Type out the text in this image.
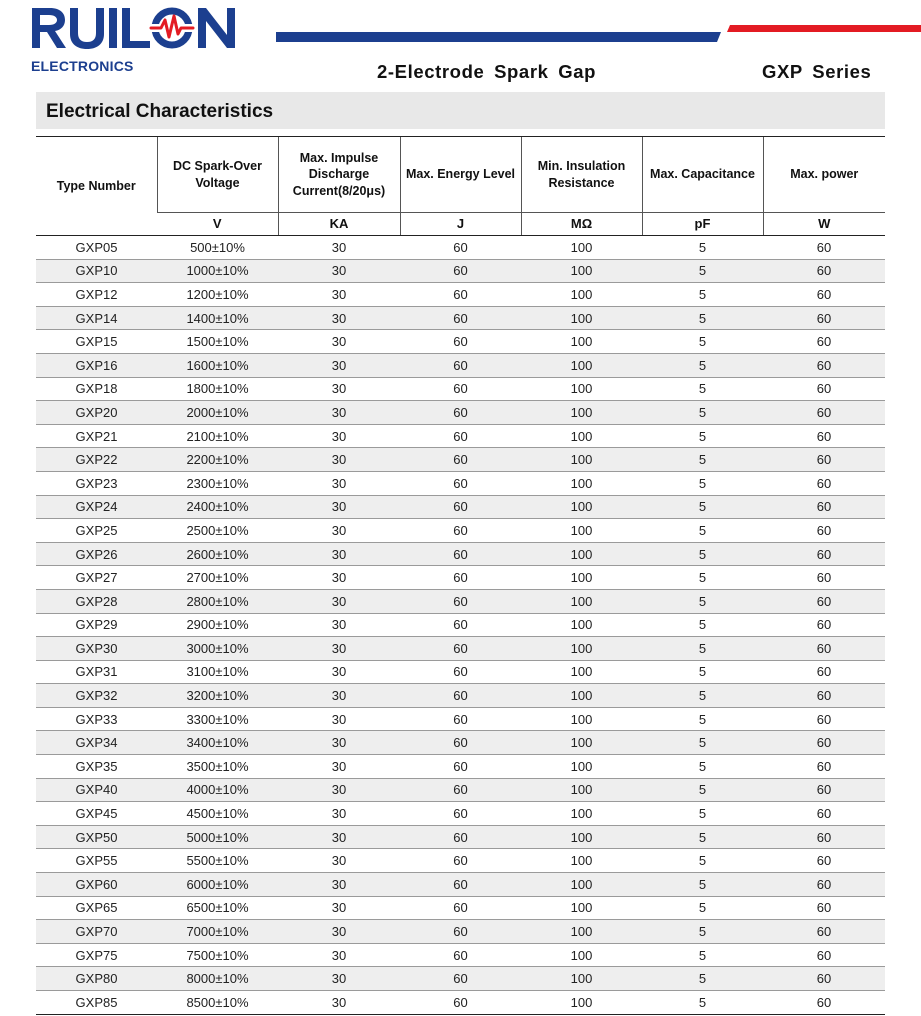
ELECTRONICS	2-Electrode Spark Gap	GXP Series
Electrical Characteristics
Type Number	DC Spark-Over Voltage	Max. Impulse Discharge Current(8/20μs)	Max. Energy Level	Min. Insulation Resistance	Max. Capacitance	Max. power
	V	KA	J	MΩ	pF	W
GXP05	500±10%	30	60	100	5	60
GXP10	1000±10%	30	60	100	5	60
GXP12	1200±10%	30	60	100	5	60
GXP14	1400±10%	30	60	100	5	60
GXP15	1500±10%	30	60	100	5	60
GXP16	1600±10%	30	60	100	5	60
GXP18	1800±10%	30	60	100	5	60
GXP20	2000±10%	30	60	100	5	60
GXP21	2100±10%	30	60	100	5	60
GXP22	2200±10%	30	60	100	5	60
GXP23	2300±10%	30	60	100	5	60
GXP24	2400±10%	30	60	100	5	60
GXP25	2500±10%	30	60	100	5	60
GXP26	2600±10%	30	60	100	5	60
GXP27	2700±10%	30	60	100	5	60
GXP28	2800±10%	30	60	100	5	60
GXP29	2900±10%	30	60	100	5	60
GXP30	3000±10%	30	60	100	5	60
GXP31	3100±10%	30	60	100	5	60
GXP32	3200±10%	30	60	100	5	60
GXP33	3300±10%	30	60	100	5	60
GXP34	3400±10%	30	60	100	5	60
GXP35	3500±10%	30	60	100	5	60
GXP40	4000±10%	30	60	100	5	60
GXP45	4500±10%	30	60	100	5	60
GXP50	5000±10%	30	60	100	5	60
GXP55	5500±10%	30	60	100	5	60
GXP60	6000±10%	30	60	100	5	60
GXP65	6500±10%	30	60	100	5	60
GXP70	7000±10%	30	60	100	5	60
GXP75	7500±10%	30	60	100	5	60
GXP80	8000±10%	30	60	100	5	60
GXP85	8500±10%	30	60	100	5	60
